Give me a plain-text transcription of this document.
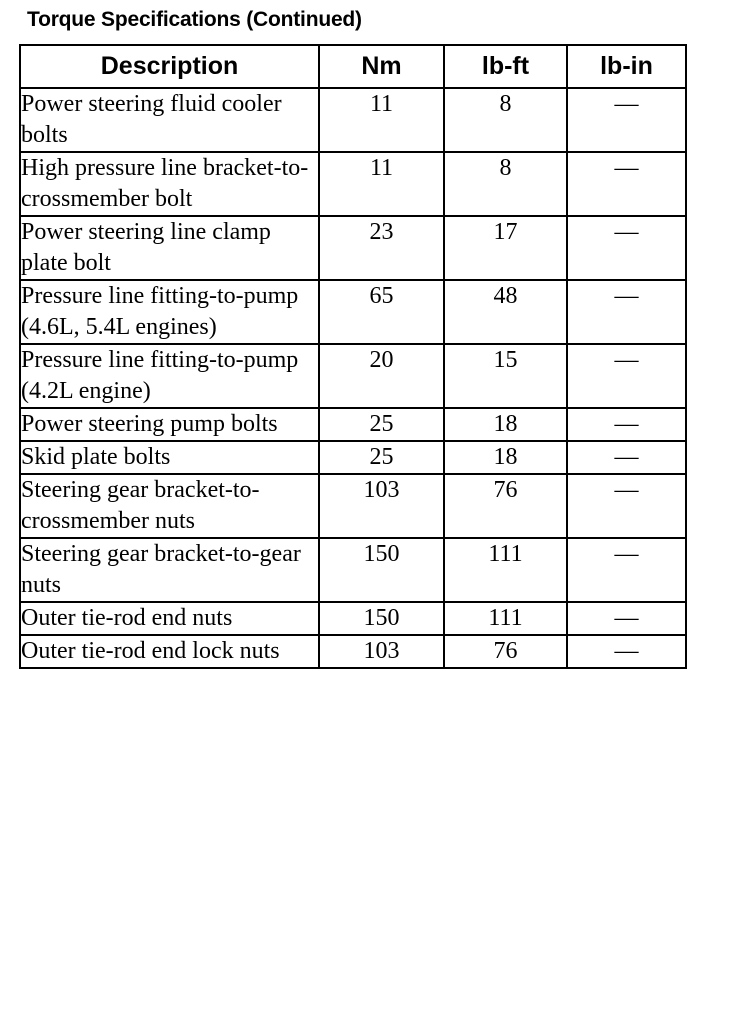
Torque Specifications (Continued)
Description	Nm	lb-ft	lb-in
Power steering fluid cooler bolts	11	8	—
High pressure line bracket-to-crossmember bolt	11	8	—
Power steering line clamp plate bolt	23	17	—
Pressure line fitting-to-pump (4.6L, 5.4L engines)	65	48	—
Pressure line fitting-to-pump (4.2L engine)	20	15	—
Power steering pump bolts	25	18	—
Skid plate bolts	25	18	—
Steering gear bracket-to-crossmember nuts	103	76	—
Steering gear bracket-to-gear nuts	150	111	—
Outer tie-rod end nuts	150	111	—
Outer tie-rod end lock nuts	103	76	—
